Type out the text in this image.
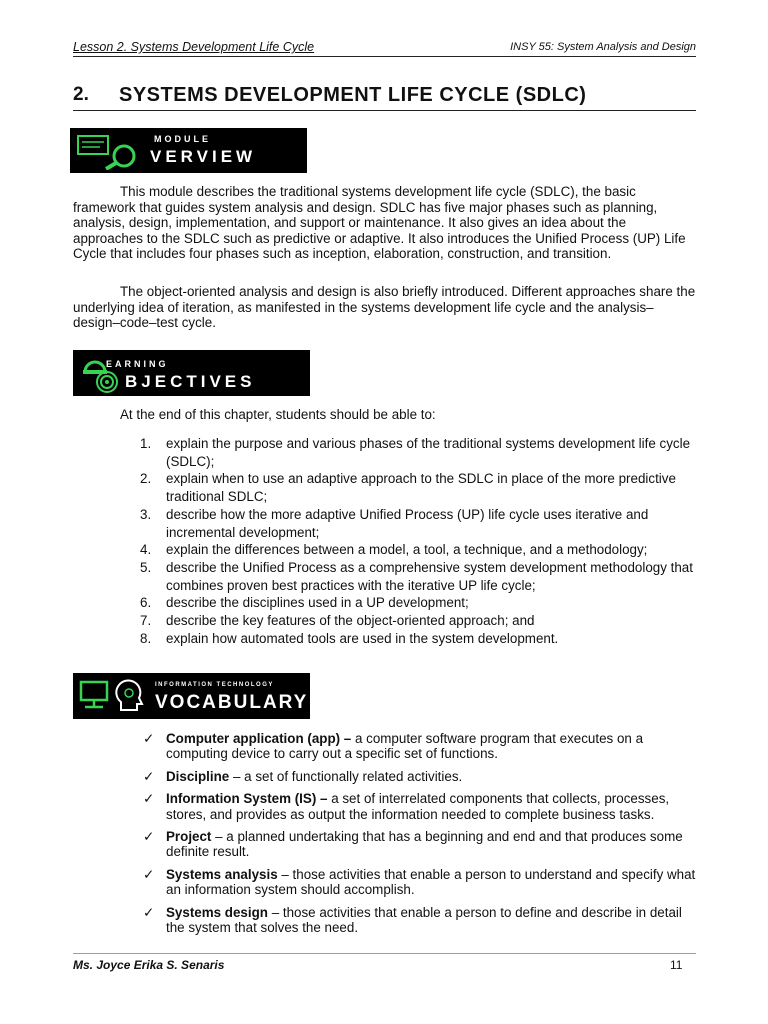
Lesson 2. Systems Development Life Cycle	INSY 55: System Analysis and Design
2. SYSTEMS DEVELOPMENT LIFE CYCLE (SDLC)
MODULE
VERVIEW

This module describes the traditional systems development life cycle (SDLC), the basic framework that guides system analysis and design. SDLC has five major phases such as planning, analysis, design, implementation, and support or maintenance. It also gives an idea about the approaches to the SDLC such as predictive or adaptive. It also introduces the Unified Process (UP) Life Cycle that includes four phases such as inception, elaboration, construction, and transition.

The object-oriented analysis and design is also briefly introduced. Different approaches share the underlying idea of iteration, as manifested in the systems development life cycle and the analysis–design–code–test cycle.

EARNING
BJECTIVES
At the end of this chapter, students should be able to:
1. explain the purpose and various phases of the traditional systems development life cycle (SDLC);
2. explain when to use an adaptive approach to the SDLC in place of the more predictive traditional SDLC;
3. describe how the more adaptive Unified Process (UP) life cycle uses iterative and incremental development;
4. explain the differences between a model, a tool, a technique, and a methodology;
5. describe the Unified Process as a comprehensive system development methodology that combines proven best practices with the iterative UP life cycle;
6. describe the disciplines used in a UP development;
7. describe the key features of the object-oriented approach; and
8. explain how automated tools are used in the system development.
INFORMATION TECHNOLOGY
VOCABULARY
✓ Computer application (app) – a computer software program that executes on a computing device to carry out a specific set of functions.
✓ Discipline – a set of functionally related activities.
✓ Information System (IS) – a set of interrelated components that collects, processes, stores, and provides as output the information needed to complete business tasks.
✓ Project – a planned undertaking that has a beginning and end and that produces some definite result.
✓ Systems analysis – those activities that enable a person to understand and specify what an information system should accomplish.
✓ Systems design – those activities that enable a person to define and describe in detail the system that solves the need.
Ms. Joyce Erika S. Senaris	11
